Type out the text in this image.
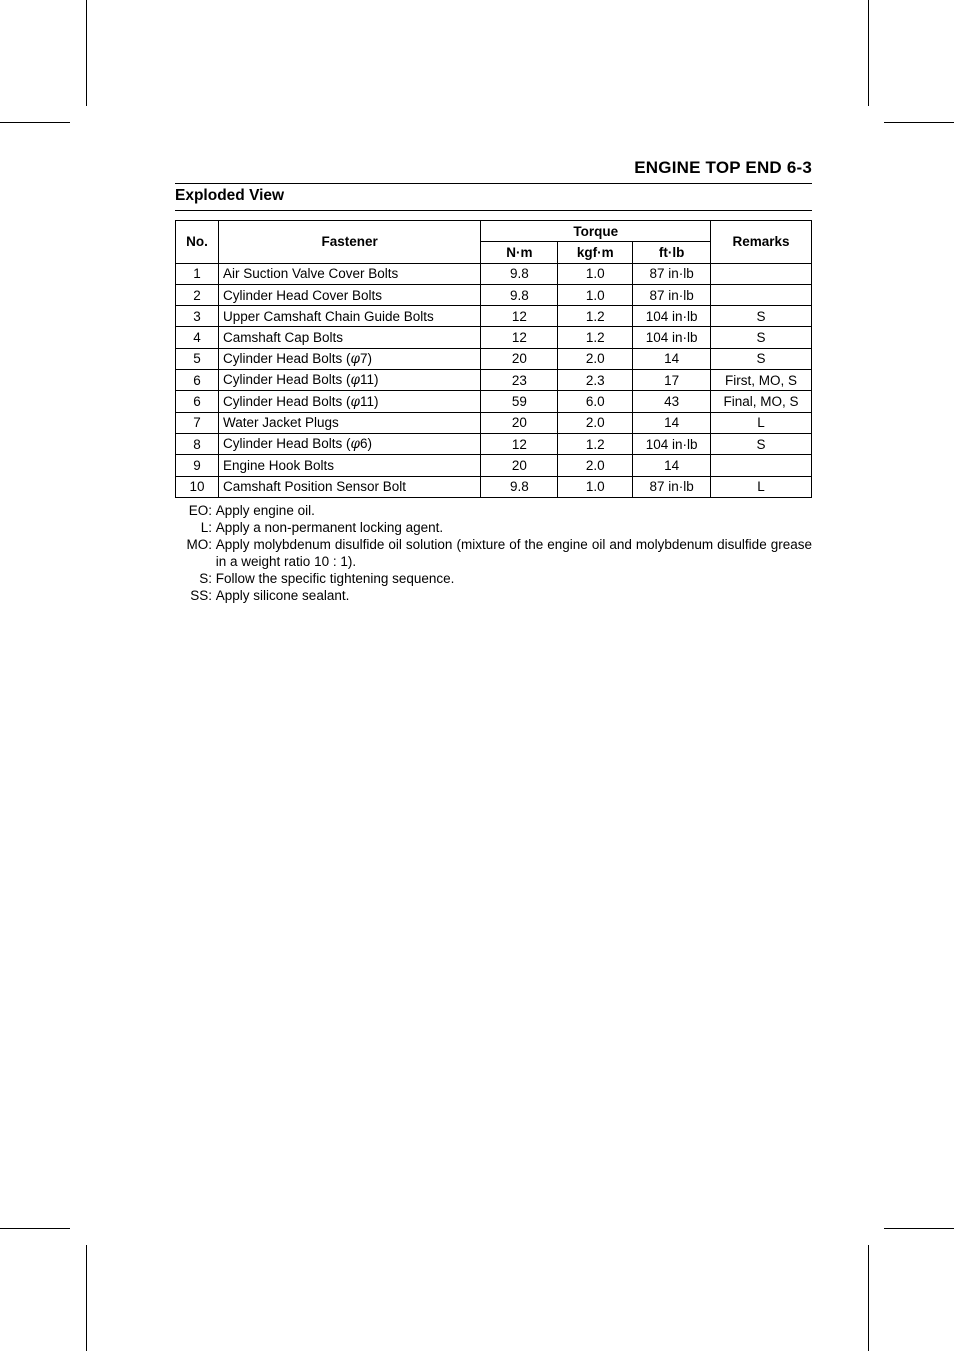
ENGINE TOP END 6-3
Exploded View
No.	Fastener	Torque			Remarks
		N·m	kgf·m	ft·lb	
1	Air Suction Valve Cover Bolts	9.8	1.0	87 in·lb	
2	Cylinder Head Cover Bolts	9.8	1.0	87 in·lb	
3	Upper Camshaft Chain Guide Bolts	12	1.2	104 in·lb	S
4	Camshaft Cap Bolts	12	1.2	104 in·lb	S
5	Cylinder Head Bolts (φ7)	20	2.0	14	S
6	Cylinder Head Bolts (φ11)	23	2.3	17	First, MO, S
6	Cylinder Head Bolts (φ11)	59	6.0	43	Final, MO, S
7	Water Jacket Plugs	20	2.0	14	L
8	Cylinder Head Bolts (φ6)	12	1.2	104 in·lb	S
9	Engine Hook Bolts	20	2.0	14	
10	Camshaft Position Sensor Bolt	9.8	1.0	87 in·lb	L
EO:
Apply engine oil.
L:
Apply a non-permanent locking agent.
MO:
Apply molybdenum disulfide oil solution (mixture of the engine oil and molybdenum disulfide grease in a weight ratio 10 : 1).
S:
Follow the specific tightening sequence.
SS:
Apply silicone sealant.
